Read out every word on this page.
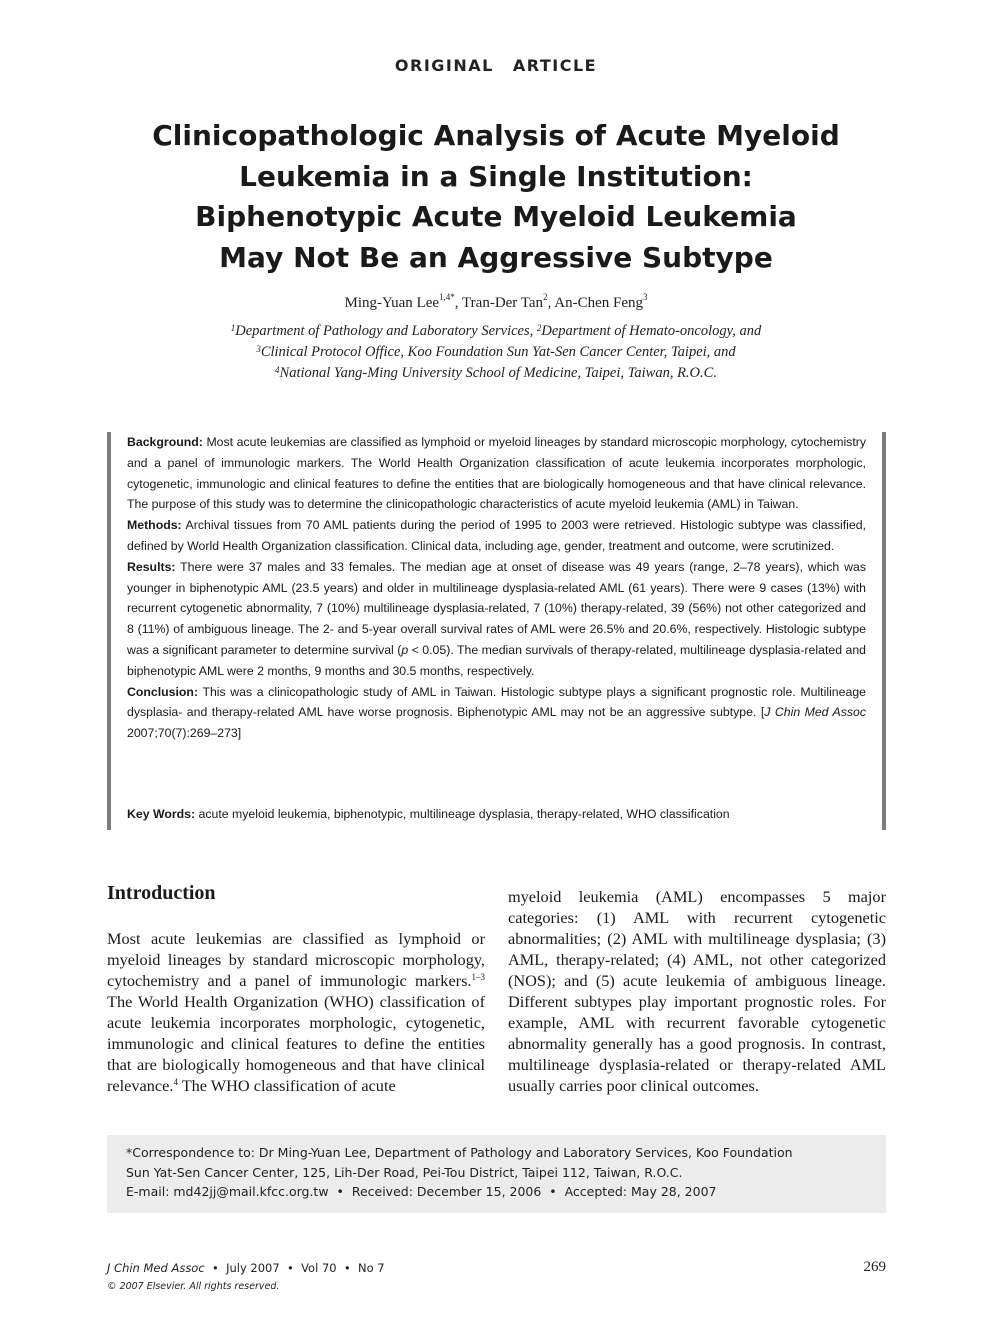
ORIGINAL ARTICLE
Clinicopathologic Analysis of Acute Myeloid
Leukemia in a Single Institution:
Biphenotypic Acute Myeloid Leukemia
May Not Be an Aggressive Subtype
Ming-Yuan Lee$^{1,4*}$, Tran-Der Tan$^2$, An-Chen Feng$^3$
$^1$Department of Pathology and Laboratory Services, $^2$Department of Hemato-oncology, and
$^3$Clinical Protocol Office, Koo Foundation Sun Yat-Sen Cancer Center, Taipei, and
$^4$National Yang-Ming University School of Medicine, Taipei, Taiwan, R.O.C.
Background: Most acute leukemias are classified as lymphoid or myeloid lineages by standard microscopic morphology, cytochemistry and a panel of immunologic markers. The World Health Organization classification of acute leukemia incorporates morphologic, cytogenetic, immunologic and clinical features to define the entities that are biologically homogeneous and that have clinical relevance. The purpose of this study was to determine the clinicopathologic characteristics of acute myeloid leukemia (AML) in Taiwan.
Methods: Archival tissues from 70 AML patients during the period of 1995 to 2003 were retrieved. Histologic subtype was classified, defined by World Health Organization classification. Clinical data, including age, gender, treatment and outcome, were scrutinized.
Results: There were 37 males and 33 females. The median age at onset of disease was 49 years (range, 2–78 years), which was younger in biphenotypic AML (23.5 years) and older in multilineage dysplasia-related AML (61 years). There were 9 cases (13%) with recurrent cytogenetic abnormality, 7 (10%) multilineage dysplasia-related, 7 (10%) therapy-related, 39 (56%) not other categorized and 8 (11%) of ambiguous lineage. The 2- and 5-year overall survival rates of AML were 26.5% and 20.6%, respectively. Histologic subtype was a significant parameter to determine survival (p < 0.05). The median survivals of therapy-related, multilineage dysplasia-related and biphenotypic AML were 2 months, 9 months and 30.5 months, respectively.
Conclusion: This was a clinicopathologic study of AML in Taiwan. Histologic subtype plays a significant prognostic role. Multilineage dysplasia- and therapy-related AML have worse prognosis. Biphenotypic AML may not be an aggressive subtype. [J Chin Med Assoc 2007;70(7):269–273]
Key Words: acute myeloid leukemia, biphenotypic, multilineage dysplasia, therapy-related, WHO classification
Introduction
Most acute leukemias are classified as lymphoid or myeloid lineages by standard microscopic morphology, cytochemistry and a panel of immunologic markers.$^{1-3}$ The World Health Organization (WHO) classification of acute leukemia incorporates morphologic, cytogenetic, immunologic and clinical features to define the entities that are biologically homogeneous and that have clinical relevance.$^4$ The WHO classification of acute
myeloid leukemia (AML) encompasses 5 major categories: (1) AML with recurrent cytogenetic abnormalities; (2) AML with multilineage dysplasia; (3) AML, therapy-related; (4) AML, not other categorized (NOS); and (5) acute leukemia of ambiguous lineage. Different subtypes play important prognostic roles. For example, AML with recurrent favorable cytogenetic abnormality generally has a good prognosis. In contrast, multilineage dysplasia-related or therapy-related AML usually carries poor clinical outcomes.
*Correspondence to: Dr Ming-Yuan Lee, Department of Pathology and Laboratory Services, Koo Foundation
Sun Yat-Sen Cancer Center, 125, Lih-Der Road, Pei-Tou District, Taipei 112, Taiwan, R.O.C.
E-mail: md42jj@mail.kfcc.org.tw  •  Received: December 15, 2006  •  Accepted: May 28, 2007
J Chin Med Assoc  •  July 2007  •  Vol 70  •  No 7
© 2007 Elsevier. All rights reserved.
269
